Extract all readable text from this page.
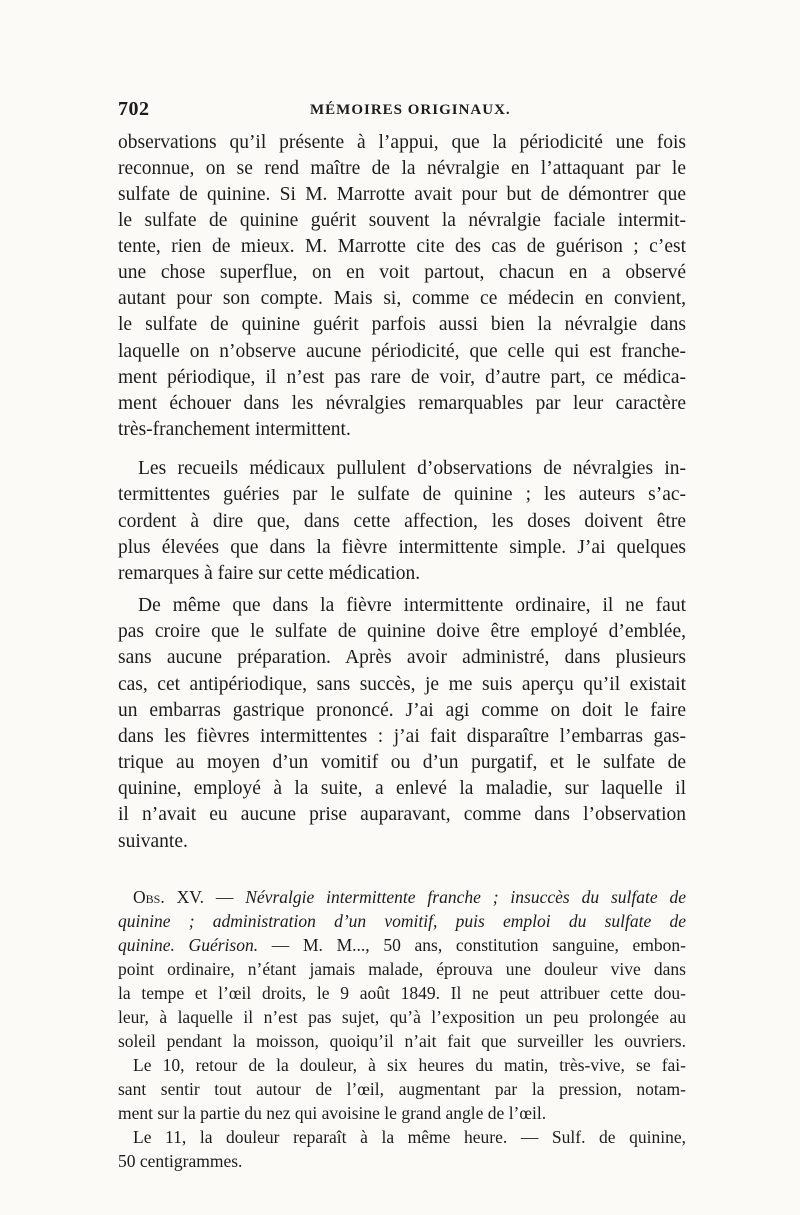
702	MÉMOIRES ORIGINAUX.
observations qu’il présente à l’appui, que la périodicité une fois
reconnue, on se rend maître de la névralgie en l’attaquant par le
sulfate de quinine. Si M. Marrotte avait pour but de démontrer que
le sulfate de quinine guérit souvent la névralgie faciale intermit-
tente, rien de mieux. M. Marrotte cite des cas de guérison ; c’est
une chose superflue, on en voit partout, chacun en a observé
autant pour son compte. Mais si, comme ce médecin en convient,
le sulfate de quinine guérit parfois aussi bien la névralgie dans
laquelle on n’observe aucune périodicité, que celle qui est franche-
ment périodique, il n’est pas rare de voir, d’autre part, ce médica-
ment échouer dans les névralgies remarquables par leur caractère
très-franchement intermittent.
Les recueils médicaux pullulent d’observations de névralgies in-
termittentes guéries par le sulfate de quinine ; les auteurs s’ac-
cordent à dire que, dans cette affection, les doses doivent être
plus élevées que dans la fièvre intermittente simple. J’ai quelques
remarques à faire sur cette médication.
De même que dans la fièvre intermittente ordinaire, il ne faut
pas croire que le sulfate de quinine doive être employé d’emblée,
sans aucune préparation. Après avoir administré, dans plusieurs
cas, cet antipériodique, sans succès, je me suis aperçu qu’il existait
un embarras gastrique prononcé. J’ai agi comme on doit le faire
dans les fièvres intermittentes : j’ai fait disparaître l’embarras gas-
trique au moyen d’un vomitif ou d’un purgatif, et le sulfate de
quinine, employé à la suite, a enlevé la maladie, sur laquelle il
il n’avait eu aucune prise auparavant, comme dans l’observation
suivante.
Obs. XV. — Névralgie intermittente franche ; insuccès du sulfate de
quinine ; administration d’un vomitif, puis emploi du sulfate de
quinine. Guérison. — M. M..., 50 ans, constitution sanguine, embon-
point ordinaire, n’étant jamais malade, éprouva une douleur vive dans
la tempe et l’œil droits, le 9 août 1849. Il ne peut attribuer cette dou-
leur, à laquelle il n’est pas sujet, qu’à l’exposition un peu prolongée au
soleil pendant la moisson, quoiqu’il n’ait fait que surveiller les ouvriers.
Le 10, retour de la douleur, à six heures du matin, très-vive, se fai-
sant sentir tout autour de l’œil, augmentant par la pression, notam-
ment sur la partie du nez qui avoisine le grand angle de l’œil.
Le 11, la douleur reparaît à la même heure. — Sulf. de quinine,
50 centigrammes.
